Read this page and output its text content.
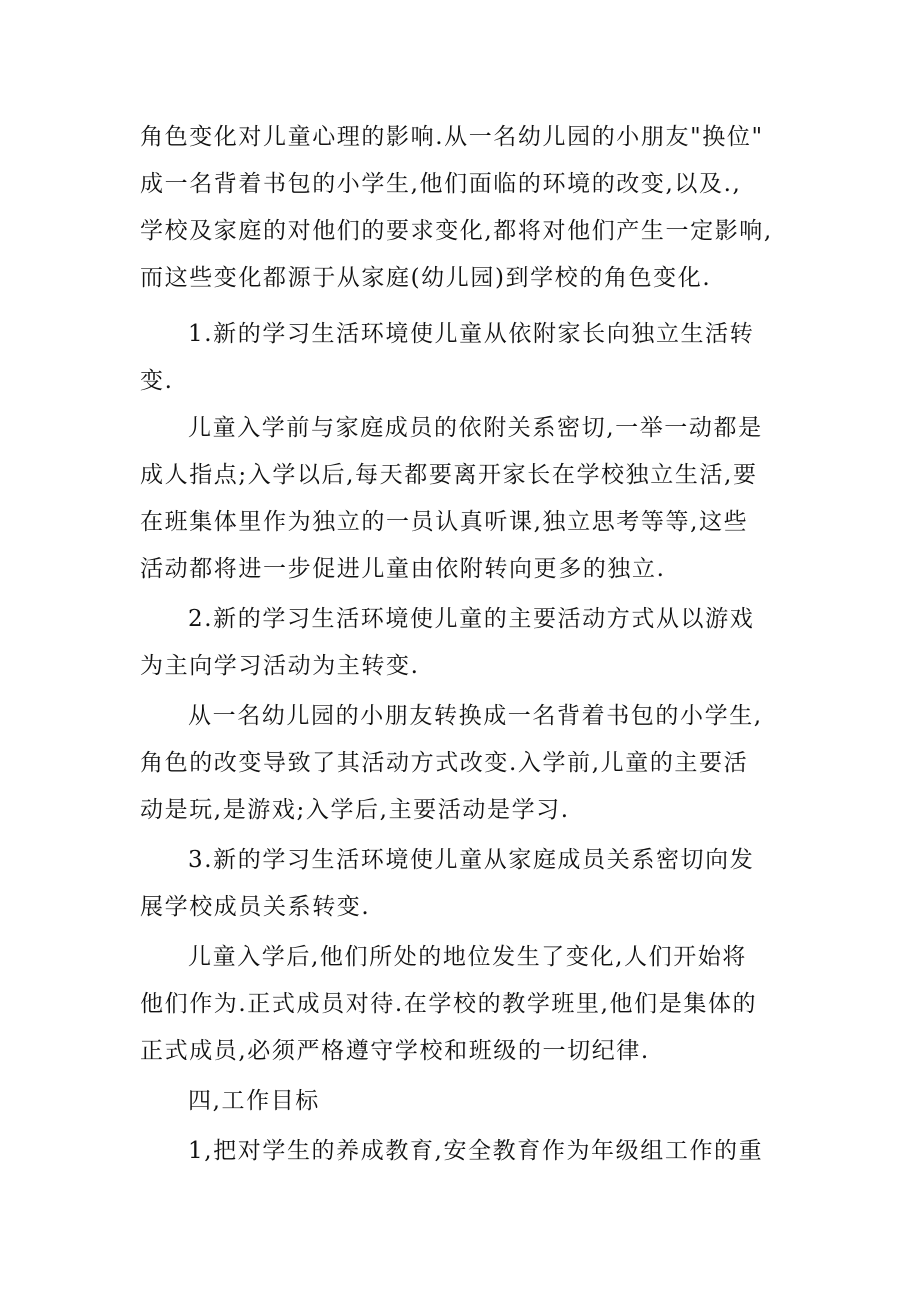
角色变化对儿童心理的影响.从一名幼儿园的小朋友"换位"
成一名背着书包的小学生,他们面临的环境的改变,以及.,
学校及家庭的对他们的要求变化,都将对他们产生一定影响,
而这些变化都源于从家庭(幼儿园)到学校的角色变化.
1.新的学习生活环境使儿童从依附家长向独立生活转
变.
儿童入学前与家庭成员的依附关系密切,一举一动都是
成人指点;入学以后,每天都要离开家长在学校独立生活,要
在班集体里作为独立的一员认真听课,独立思考等等,这些
活动都将进一步促进儿童由依附转向更多的独立.
2.新的学习生活环境使儿童的主要活动方式从以游戏
为主向学习活动为主转变.
从一名幼儿园的小朋友转换成一名背着书包的小学生,
角色的改变导致了其活动方式改变.入学前,儿童的主要活
动是玩,是游戏;入学后,主要活动是学习.
3.新的学习生活环境使儿童从家庭成员关系密切向发
展学校成员关系转变.
儿童入学后,他们所处的地位发生了变化,人们开始将
他们作为.正式成员对待.在学校的教学班里,他们是集体的
正式成员,必须严格遵守学校和班级的一切纪律.
四,工作目标
1,把对学生的养成教育,安全教育作为年级组工作的重
